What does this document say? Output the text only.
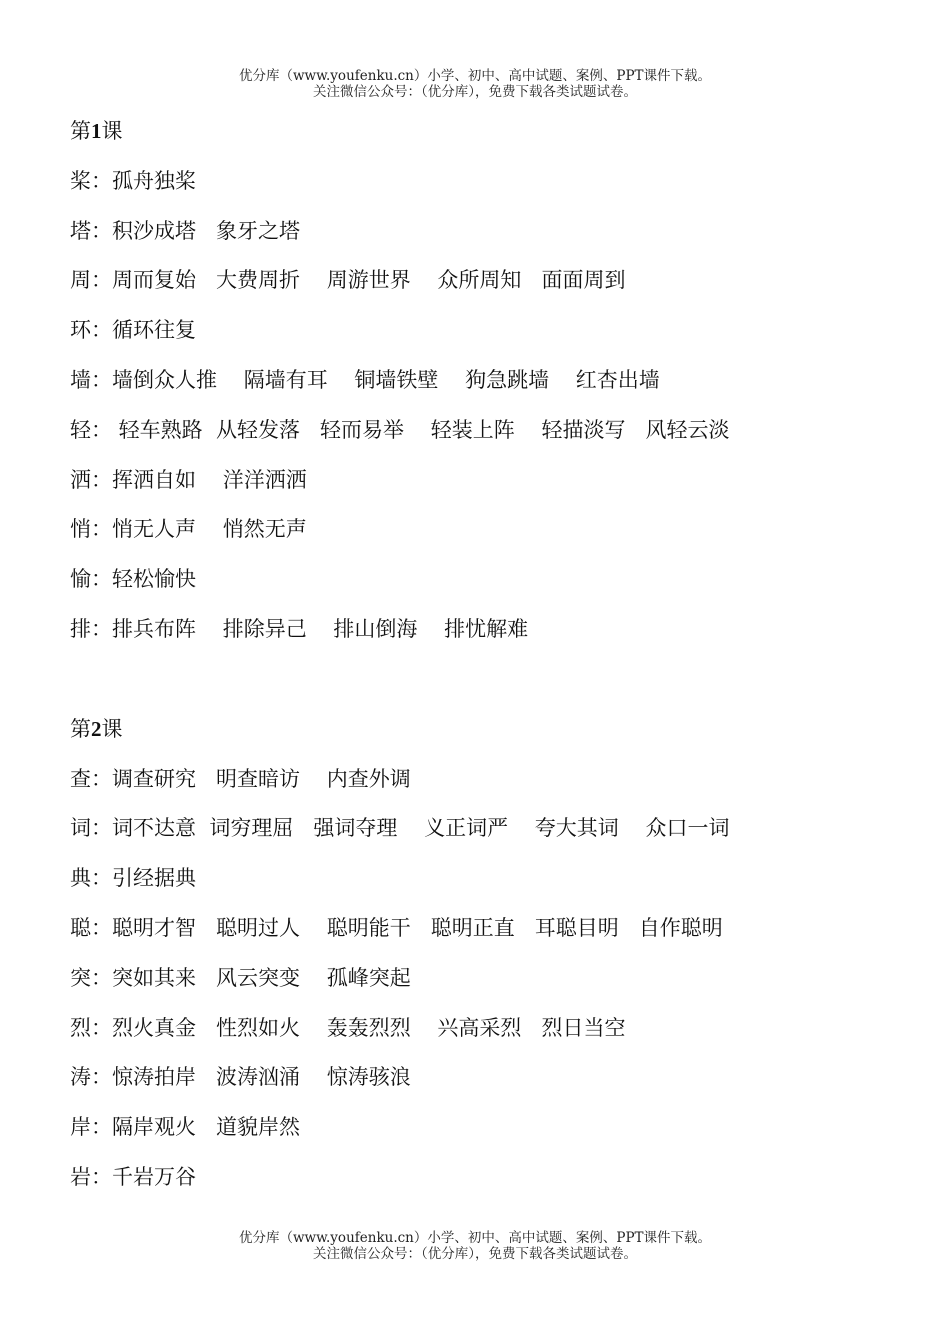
优分库（www.youfenku.cn）小学、初中、高中试题、案例、PPT课件下载。
关注微信公众号：（优分库），免费下载各类试题试卷。
第1课
桨：孤舟独桨
塔：积沙成塔   象牙之塔
周：周而复始   大费周折    周游世界    众所周知   面面周到
环：循环往复
墙：墙倒众人推    隔墙有耳    铜墙铁壁    狗急跳墙    红杏出墙
轻： 轻车熟路  从轻发落   轻而易举    轻装上阵    轻描淡写   风轻云淡
洒：挥洒自如    洋洋洒洒
悄：悄无人声    悄然无声
愉：轻松愉快
排：排兵布阵    排除异己    排山倒海    排忧解难
第2课
查：调查研究   明查暗访    内查外调
词：词不达意  词穷理屈   强词夺理    义正词严    夸大其词    众口一词
典：引经据典
聪：聪明才智   聪明过人    聪明能干   聪明正直   耳聪目明   自作聪明
突：突如其来   风云突变    孤峰突起
烈：烈火真金   性烈如火    轰轰烈烈    兴高采烈   烈日当空
涛：惊涛拍岸   波涛汹涌    惊涛骇浪
岸：隔岸观火   道貌岸然
岩：千岩万谷
优分库（www.youfenku.cn）小学、初中、高中试题、案例、PPT课件下载。
关注微信公众号：（优分库），免费下载各类试题试卷。
